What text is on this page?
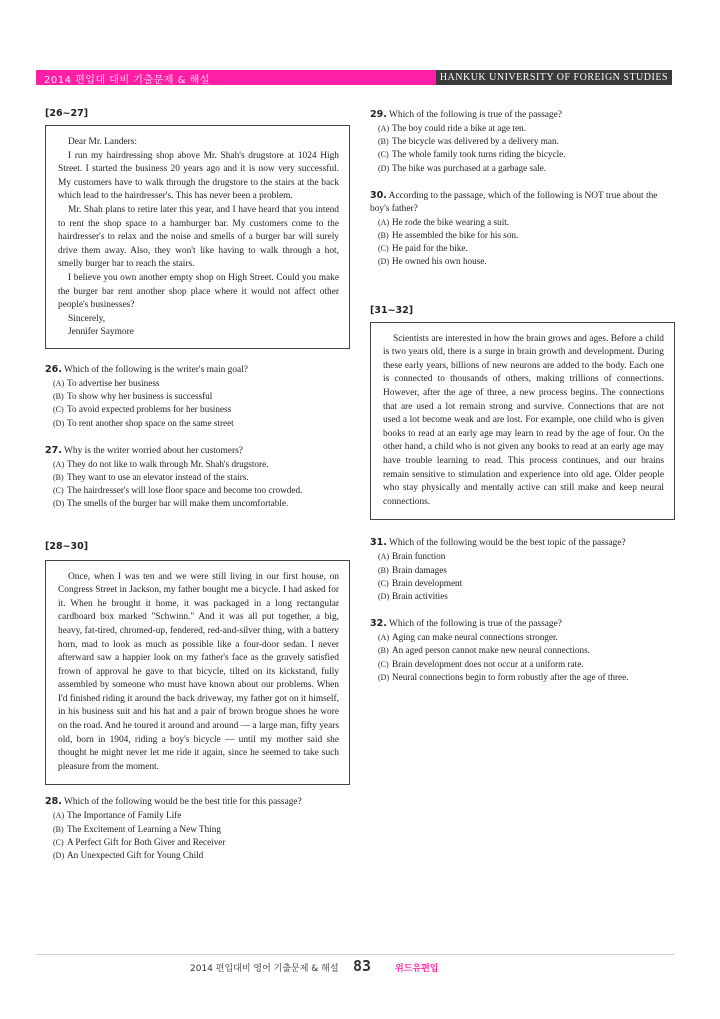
2014 편입대 대비 기출문제 & 해설	HANKUK UNIVERSITY OF FOREIGN STUDIES

[26~27]

Dear Mr. Landers:

I run my hairdressing shop above Mr. Shah's drugstore at 1024 High Street. I started the business 20 years ago and it is now very successful. My customers have to walk through the drugstore to the stairs at the back which lead to the hairdresser's. This has never been a problem.

Mr. Shah plans to retire later this year, and I have heard that you intend to rent the shop space to a hamburger bar. My customers come to the hairdresser's to relax and the noise and smells of a burger bar will surely drive them away. Also, they won't like having to walk through a hot, smelly burger bar to reach the stairs.

I believe you own another empty shop on High Street. Could you make the burger bar rent another shop place where it would not affect other people's businesses?

Sincerely,

Jennifer Saymore

26. Which of the following is the writer's main goal?
(A) To advertise her business
(B) To show why her business is successful
(C) To avoid expected problems for her business
(D) To rent another shop space on the same street
27. Why is the writer worried about her customers?
(A) They do not like to walk through Mr. Shah's drugstore.
(B) They want to use an elevator instead of the stairs.
(C) The hairdresser's will lose floor space and become too crowded.
(D) The smells of the burger bar will make them uncomfortable.

[28~30]

Once, when I was ten and we were still living in our first house, on Congress Street in Jackson, my father bought me a bicycle. I had asked for it. When he brought it home, it was packaged in a long rectangular cardboard box marked "Schwinn." And it was all put together, a big, heavy, fat-tired, chromed-up, fendered, red-and-silver thing, with a battery horn, mad to look as much as possible like a four-door sedan. I never afterward saw a happier look on my father's face as the gravely satisfied frown of approval he gave to that bicycle, tilted on its kickstand, fully assembled by someone who must have known about our problems. When I'd finished riding it around the back driveway, my father got on it himself, in his business suit and his hat and a pair of brown brogue shoes he wore on the road. And he toured it around and around — a large man, fifty years old, born in 1904, riding a boy's bicycle — until my mother said she thought he might never let me ride it again, since he seemed to take such pleasure from the moment.

28. Which of the following would be the best title for this passage?
(A) The Importance of Family Life
(B) The Excitement of Learning a New Thing
(C) A Perfect Gift for Both Giver and Receiver
(D) An Unexpected Gift for Young Child
29. Which of the following is true of the passage?
(A) The boy could ride a bike at age ten.
(B) The bicycle was delivered by a delivery man.
(C) The whole family took turns riding the bicycle.
(D) The bike was purchased at a garbage sale.
30. According to the passage, which of the following is NOT true about the boy's father?
(A) He rode the bike wearing a suit.
(B) He assembled the bike for his son.
(C) He paid for the bike.
(D) He owned his own house.

[31~32]

Scientists are interested in how the brain grows and ages. Before a child is two years old, there is a surge in brain growth and development. During these early years, billions of new neurons are added to the body. Each one is connected to thousands of others, making trillions of connections. However, after the age of three, a new process begins. The connections that are used a lot remain strong and survive. Connections that are not used a lot become weak and are lost. For example, one child who is given books to read at an early age may learn to read by the age of four. On the other hand, a child who is not given any books to read at an early age may have trouble learning to read. This process continues, and our brains remain sensitive to stimulation and experience into old age. Older people who stay physically and mentally active can still make and keep neural connections.

31. Which of the following would be the best topic of the passage?
(A) Brain function
(B) Brain damages
(C) Brain development
(D) Brain activities
32. Which of the following is true of the passage?
(A) Aging can make neural connections stronger.
(B) An aged person cannot make new neural connections.
(C) Brain development does not occur at a uniform rate.
(D) Neural connections begin to form robustly after the age of three.
2014 편입대비 영어 기출문제 & 해설 83	위드유편입
